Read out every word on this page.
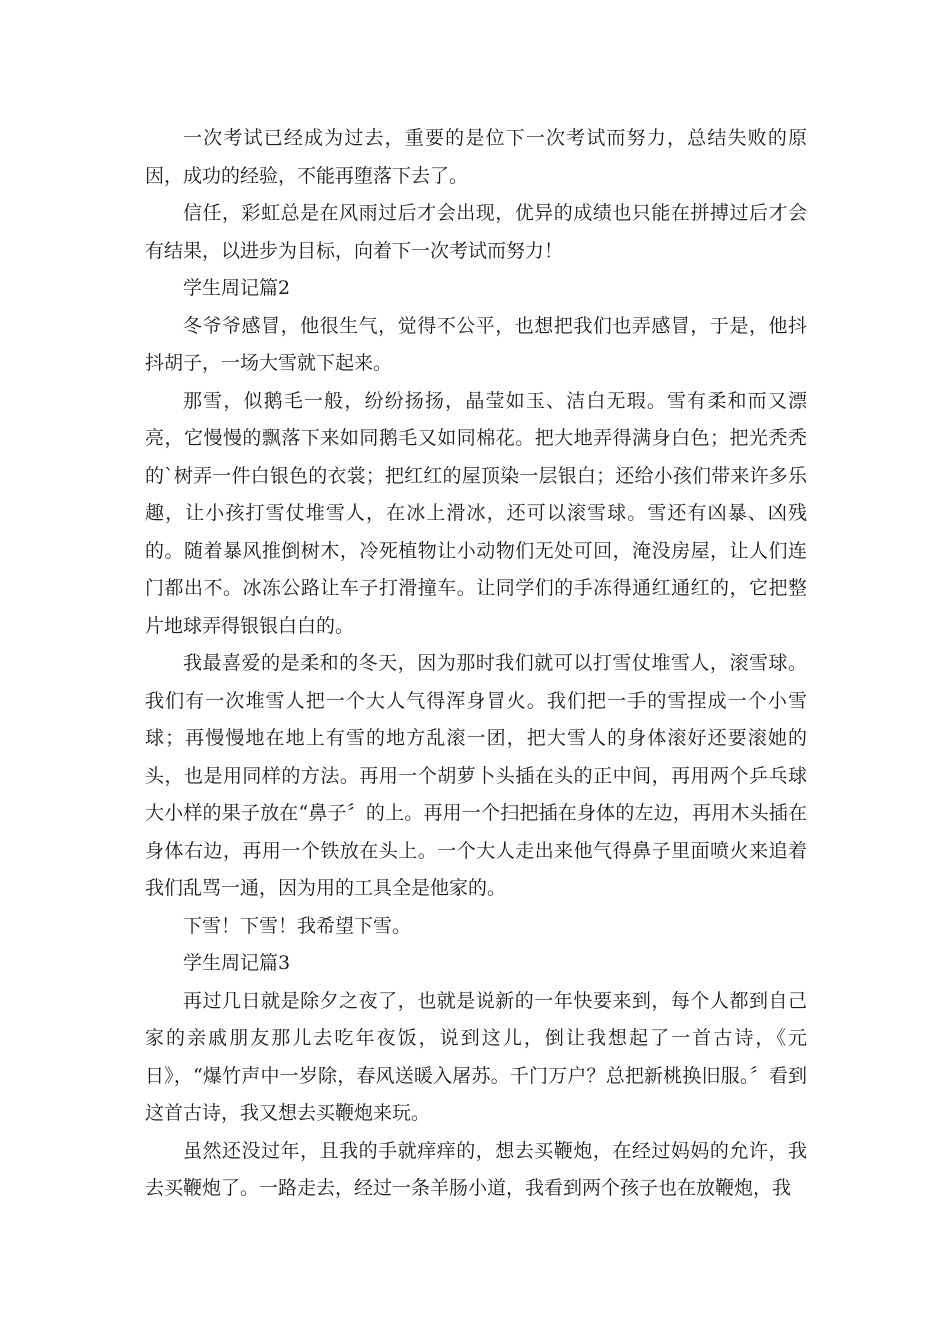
一次考试已经成为过去，重要的是位下一次考试而努力，总结失败的原因，成功的经验，不能再堕落下去了。

信任，彩虹总是在风雨过后才会出现，优异的成绩也只能在拼搏过后才会有结果，以进步为目标，向着下一次考试而努力！

学生周记篇2

冬爷爷感冒，他很生气，觉得不公平，也想把我们也弄感冒，于是，他抖抖胡子，一场大雪就下起来。

那雪，似鹅毛一般，纷纷扬扬，晶莹如玉、洁白无瑕。雪有柔和而又漂亮，它慢慢的飘落下来如同鹅毛又如同棉花。把大地弄得满身白色；把光秃秃的`树弄一件白银色的衣裳；把红红的屋顶染一层银白；还给小孩们带来许多乐趣，让小孩打雪仗堆雪人，在冰上滑冰，还可以滚雪球。雪还有凶暴、凶残的。随着暴风推倒树木，冷死植物让小动物们无处可回，淹没房屋，让人们连门都出不。冰冻公路让车子打滑撞车。让同学们的手冻得通红通红的，它把整片地球弄得银银白白的。

我最喜爱的是柔和的冬天，因为那时我们就可以打雪仗堆雪人，滚雪球。我们有一次堆雪人把一个大人气得浑身冒火。我们把一手的雪捏成一个小雪球；再慢慢地在地上有雪的地方乱滚一团，把大雪人的身体滚好还要滚她的头，也是用同样的方法。再用一个胡萝卜头插在头的正中间，再用两个乒乓球大小样的果子放在“鼻子〞的上。再用一个扫把插在身体的左边，再用木头插在身体右边，再用一个铁放在头上。一个大人走出来他气得鼻子里面喷火来追着我们乱骂一通，因为用的工具全是他家的。

下雪！下雪！我希望下雪。

学生周记篇3

再过几日就是除夕之夜了，也就是说新的一年快要来到，每个人都到自己家的亲戚朋友那儿去吃年夜饭，说到这儿，倒让我想起了一首古诗，《元日》，“爆竹声中一岁除，春风送暖入屠苏。千门万户？总把新桃换旧服。〞看到这首古诗，我又想去买鞭炮来玩。

虽然还没过年，且我的手就痒痒的，想去买鞭炮，在经过妈妈的允许，我去买鞭炮了。一路走去，经过一条羊肠小道，我看到两个孩子也在放鞭炮，我
